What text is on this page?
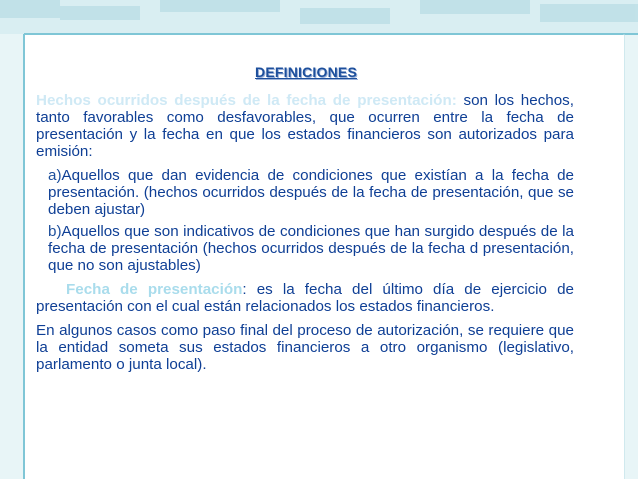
DEFINICIONES

Hechos ocurridos después de la fecha de presentación: son los hechos, tanto favorables como desfavorables, que ocurren entre la fecha de presentación y la fecha en que los estados financieros son autorizados para emisión:

a)Aquellos que dan evidencia de condiciones que existían a la fecha de presentación. (hechos ocurridos después de la fecha de presentación, que se deben ajustar)

b)Aquellos que son indicativos de condiciones que han surgido después de la fecha de presentación (hechos ocurridos después de la fecha d presentación, que no son ajustables)

Fecha de presentación: es la fecha del último día de ejercicio de presentación con el cual están relacionados los estados financieros.

En algunos casos como paso final del proceso de autorización, se requiere que la entidad someta sus estados financieros a otro organismo (legislativo, parlamento o junta local).
